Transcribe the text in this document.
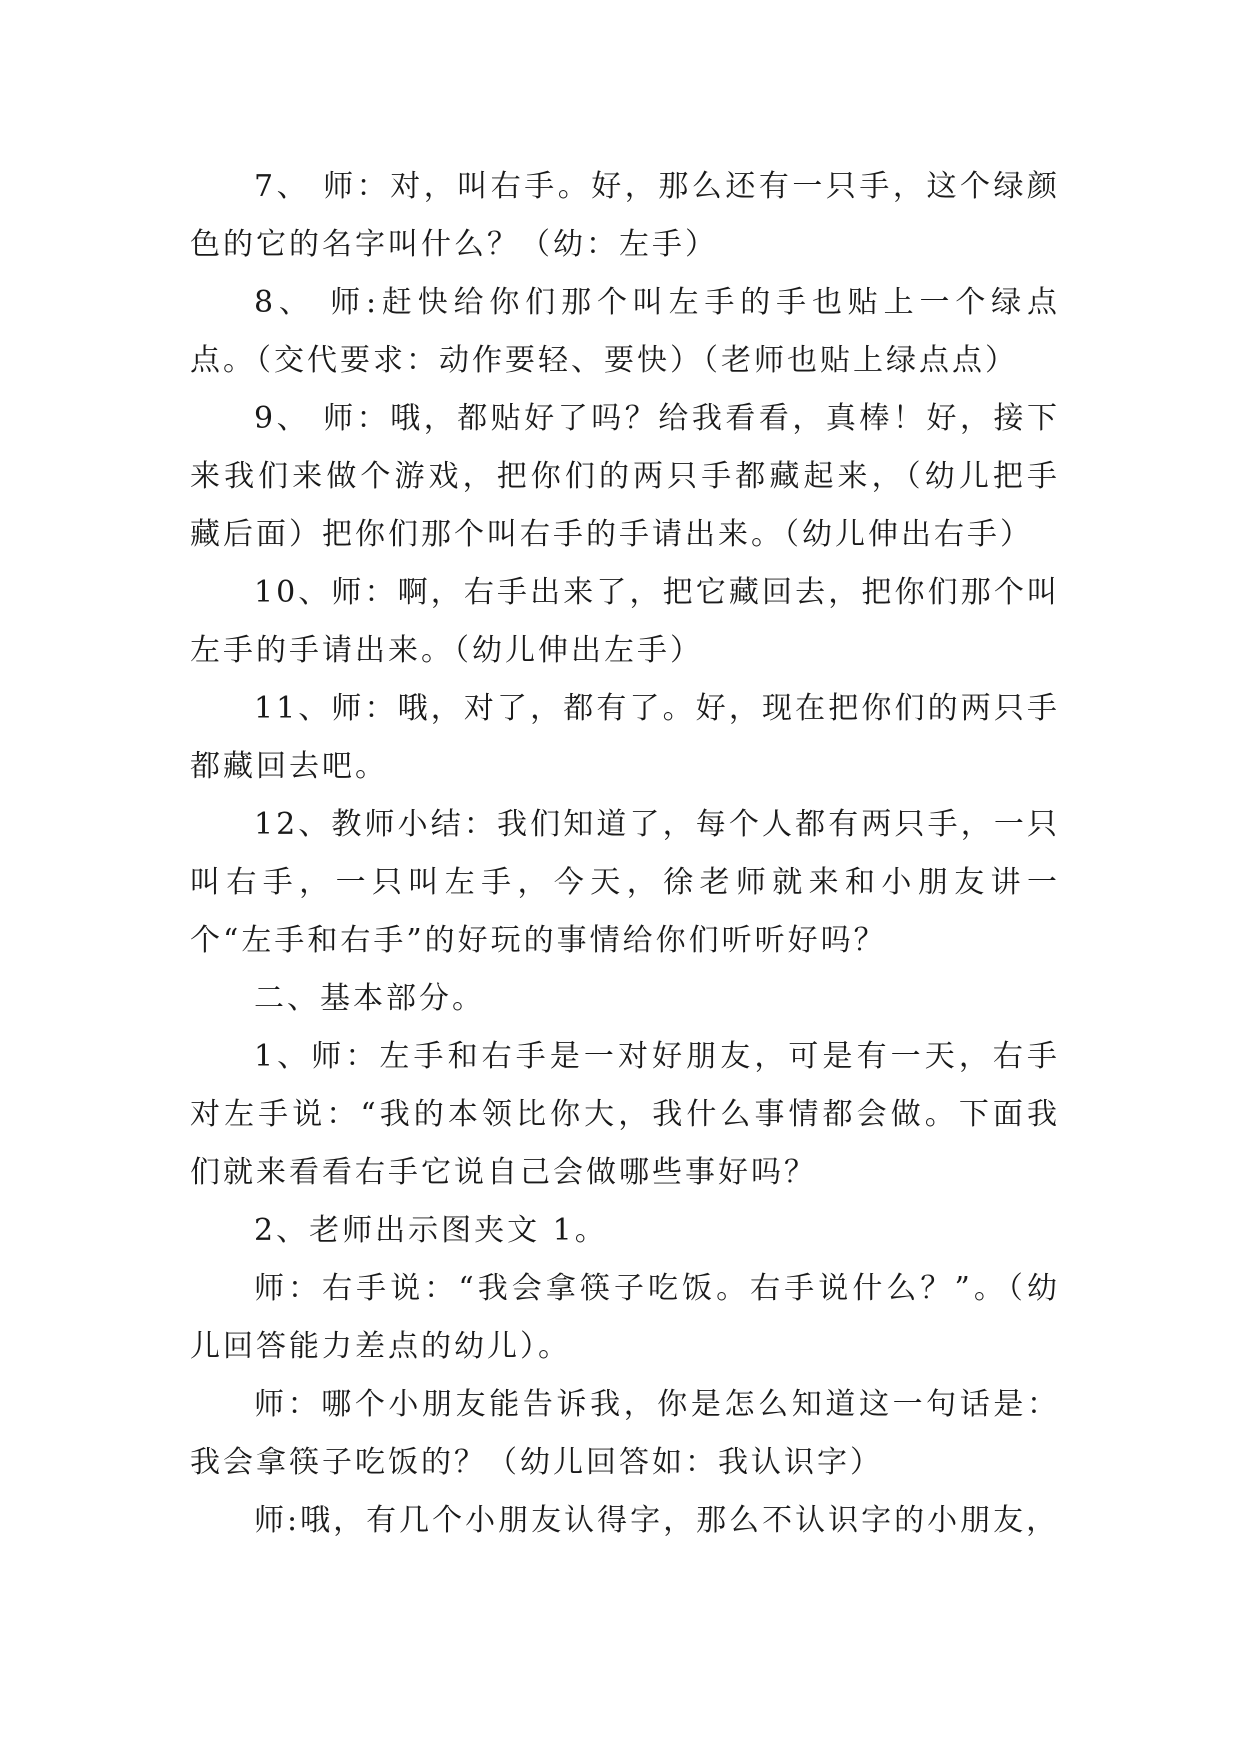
7、 师：对，叫右手。好，那么还有一只手，这个绿颜色的它的名字叫什么？（幼：左手）

8、 师:赶快给你们那个叫左手的手也贴上一个绿点点。（交代要求：动作要轻、要快）（老师也贴上绿点点）

9、 师：哦，都贴好了吗？给我看看，真棒！好，接下来我们来做个游戏，把你们的两只手都藏起来，（幼儿把手藏后面）把你们那个叫右手的手请出来。（幼儿伸出右手）

10、师：啊，右手出来了，把它藏回去，把你们那个叫左手的手请出来。（幼儿伸出左手）

11、师：哦，对了，都有了。好，现在把你们的两只手都藏回去吧。

12、教师小结：我们知道了，每个人都有两只手，一只叫右手，一只叫左手，今天，徐老师就来和小朋友讲一个“左手和右手”的好玩的事情给你们听听好吗？

二、基本部分。

1、师：左手和右手是一对好朋友，可是有一天，右手对左手说：“我的本领比你大，我什么事情都会做。下面我们就来看看右手它说自己会做哪些事好吗？

2、老师出示图夹文 1。

师：右手说：“我会拿筷子吃饭。右手说什么？”。（幼儿回答能力差点的幼儿）。

师：哪个小朋友能告诉我，你是怎么知道这一句话是：我会拿筷子吃饭的？（幼儿回答如：我认识字）

师:哦，有几个小朋友认得字，那么不认识字的小朋友，
